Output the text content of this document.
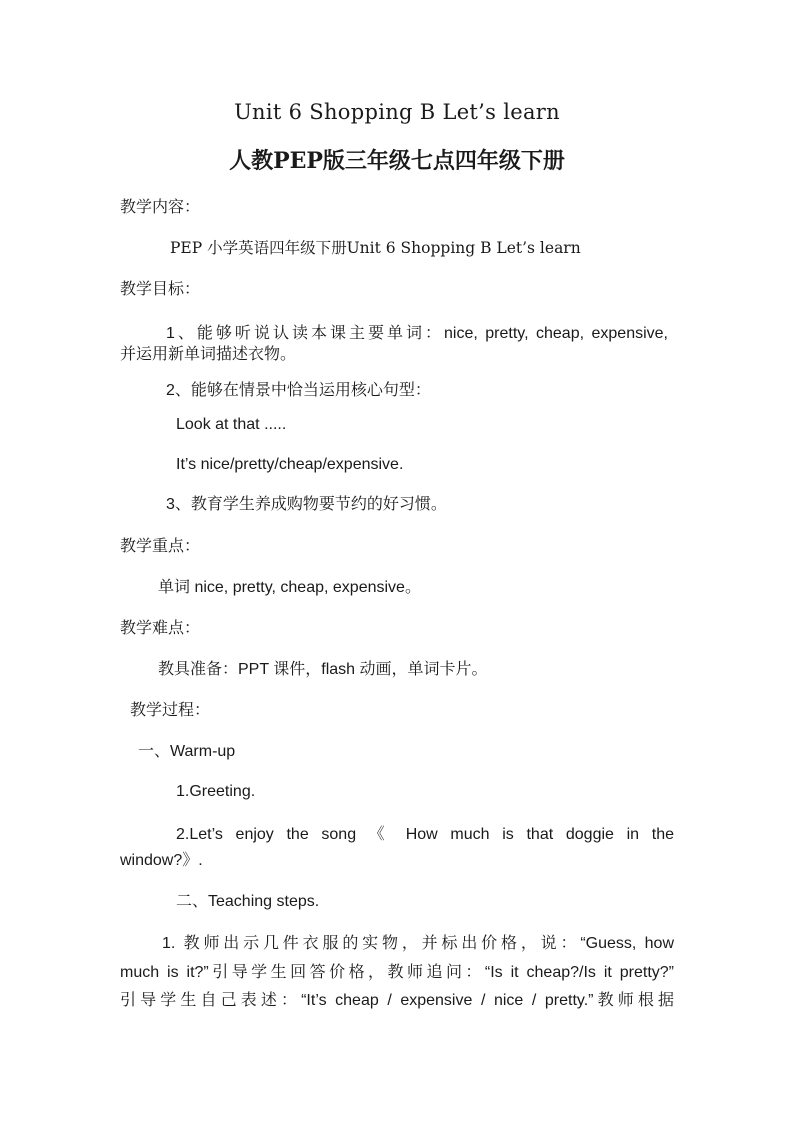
Unit 6 Shopping B Let’s learn
人教PEP版三年级七点四年级下册
教学内容：
PEP 小学英语四年级下册Unit 6 Shopping B Let’s learn
教学目标：
1、能够听说认读本课主要单词：nice, pretty, cheap, expensive,
并运用新单词描述衣物。
2、能够在情景中恰当运用核心句型：
Look at that .....
It’s nice/pretty/cheap/expensive.
3、教育学生养成购物要节约的好习惯。
教学重点：
单词 nice, pretty, cheap, expensive。
教学难点：
教具准备：PPT 课件，flash 动画，单词卡片。
教学过程：
一、Warm-up
1.Greeting.
2.Let’s enjoy the song 《 How much is that doggie in the
window?》.
二、Teaching steps.
1. 教师出示几件衣服的实物，并标出价格，说：“Guess, how
much is it?”引导学生回答价格，教师追问：“Is it cheap?/Is it pretty?”
引导学生自己表述：“It’s cheap / expensive / nice / pretty.”教师根据
